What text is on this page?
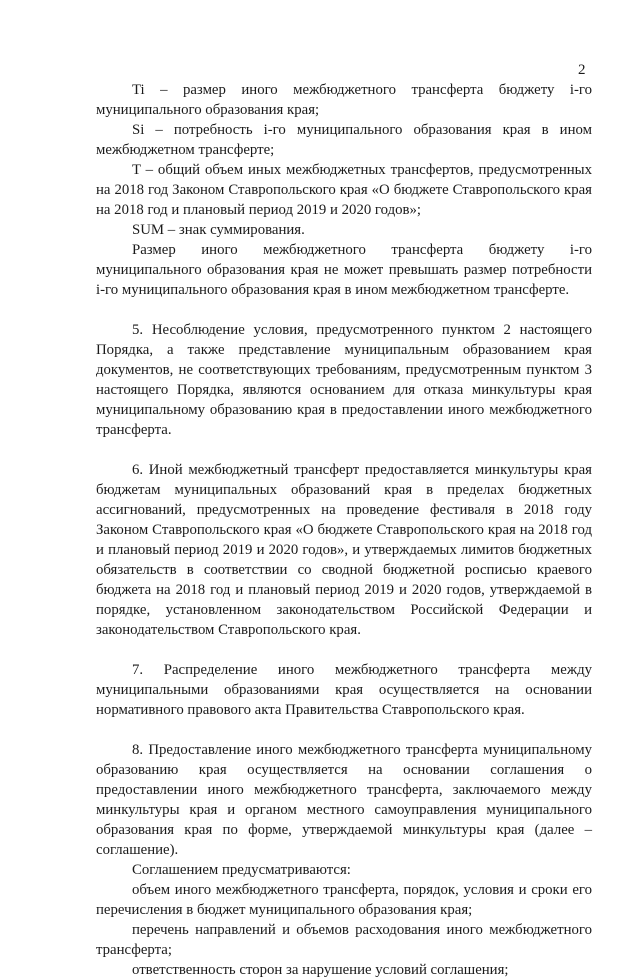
2

Ti – размер иного межбюджетного трансферта бюджету i-го муниципального образования края;

Si – потребность i-го муниципального образования края в ином межбюджетном трансферте;

T – общий объем иных межбюджетных трансфертов, предусмотренных на 2018 год Законом Ставропольского края «О бюджете Ставропольского края на 2018 год и плановый период 2019 и 2020 годов»;

SUM – знак суммирования.

Размер иного межбюджетного трансферта бюджету i-го муниципального образования края не может превышать размер потребности i-го муниципального образования края в ином межбюджетном трансферте.

5. Несоблюдение условия, предусмотренного пунктом 2 настоящего Порядка, а также представление муниципальным образованием края документов, не соответствующих требованиям, предусмотренным пунктом 3 настоящего Порядка, являются основанием для отказа минкультуры края муниципальному образованию края в предоставлении иного межбюджетного трансферта.

6. Иной межбюджетный трансферт предоставляется минкультуры края бюджетам муниципальных образований края в пределах бюджетных ассигнований, предусмотренных на проведение фестиваля в 2018 году Законом Ставропольского края «О бюджете Ставропольского края на 2018 год и плановый период 2019 и 2020 годов», и утверждаемых лимитов бюджетных обязательств в соответствии со сводной бюджетной росписью краевого бюджета на 2018 год и плановый период 2019 и 2020 годов, утверждаемой в порядке, установленном законодательством Российской Федерации и законодательством Ставропольского края.

7. Распределение иного межбюджетного трансферта между муниципальными образованиями края осуществляется на основании нормативного правового акта Правительства Ставропольского края.

8. Предоставление иного межбюджетного трансферта муниципальному образованию края осуществляется на основании соглашения о предоставлении иного межбюджетного трансферта, заключаемого между минкультуры края и органом местного самоуправления муниципального образования края по форме, утверждаемой минкультуры края (далее – соглашение).

Соглашением предусматриваются:

объем иного межбюджетного трансферта, порядок, условия и сроки его перечисления в бюджет муниципального образования края;

перечень направлений и объемов расходования иного межбюджетного трансферта;

ответственность сторон за нарушение условий соглашения;
